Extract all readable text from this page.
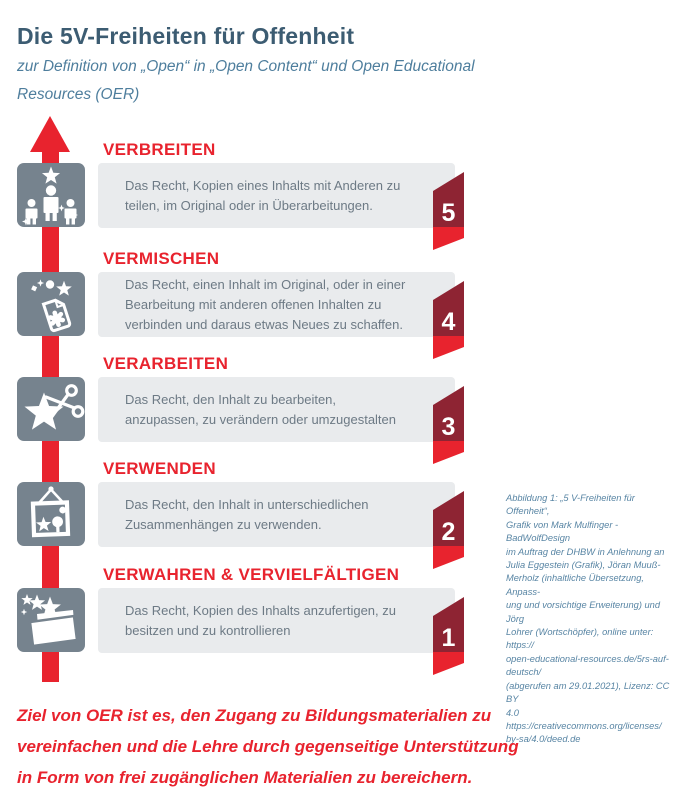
Die 5V-Freiheiten für Offenheit
zur Definition von „Open“ in „Open Content“ und Open Educational
Resources (OER)
VERBREITEN

Das Recht, Kopien eines Inhalts mit Anderen zu teilen, im Original oder in Überarbeitungen.	5
VERMISCHEN

Das Recht, einen Inhalt im Original, oder in einer Bearbeitung mit anderen offenen Inhalten zu verbinden und daraus etwas Neues zu schaffen. 4
VERARBEITEN

Das Recht, den Inhalt zu bearbeiten, anzupassen, zu verändern oder umzugestalten	3
VERWENDEN

Das Recht, den Inhalt in unterschiedlichen Zusammenhängen zu verwenden.	2
VERWAHREN & VERVIELFÄLTIGEN

Das Recht, Kopien des Inhalts anzufertigen, zu besitzen und zu kontrollieren	1
Abbildung 1: „5 V-Freiheiten für Offenheit“,
Grafik von Mark Mulfinger - BadWolfDesign
im Auftrag der DHBW in Anlehnung an
Julia Eggestein (Grafik), Jöran Muuß-
Merholz (inhaltliche Übersetzung, Anpass-
ung und vorsichtige Erweiterung) und Jörg
Lohrer (Wortschöpfer), online unter: https://
open-educational-resources.de/5rs-auf-
deutsch/
(abgerufen am 29.01.2021), Lizenz: CC BY
4.0 https://creativecommons.org/licenses/
by-sa/4.0/deed.de
Ziel von OER ist es, den Zugang zu Bildungsmaterialien zu
vereinfachen und die Lehre durch gegenseitige Unterstützung
in Form von frei zugänglichen Materialien zu bereichern.
